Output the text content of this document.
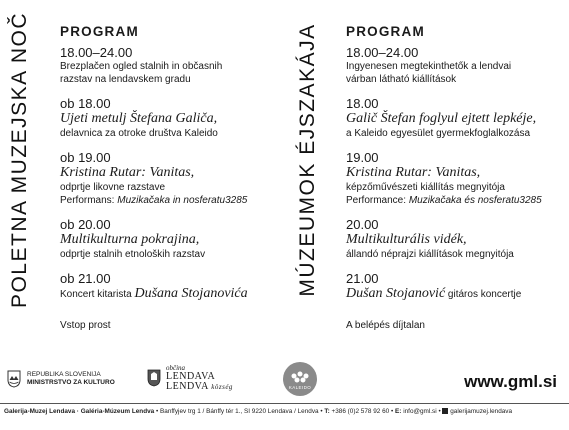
POLETNA MUZEJSKA NOČ	MÚZEUMOK ÉJSZAKÁJA

PROGRAM

18.00–24.00

Brezplačen ogled stalnih in občasnih

razstav na lendavskem gradu

ob 18.00

Ujeti metulj Štefana Galiča,

delavnica za otroke društva Kaleido

ob 19.00

Kristina Rutar: Vanitas,

odprtje likovne razstave

Performans: Muzikačaka in nosferatu3285

ob 20.00

Multikulturna pokrajina,

odprtje stalnih etnoloških razstav

ob 21.00

Koncert kitarista Dušana Stojanovića

Vstop prost

PROGRAM

18.00–24.00

Ingyenesen megtekinthetők a lendvai

várban látható kiállítások

18.00

Galič Štefan foglyul ejtett lepkéje,

a Kaleido egyesület gyermekfoglalkozása

19.00

Kristina Rutar: Vanitas,

képzőművészeti kiállítás megnyitója

Performance: Muzikačaka és nosferatu3285

20.00

Multikulturális vidék,

állandó néprajzi kiállítások megnyitója

21.00

Dušan Stojanović gitáros koncertje

A belépés díjtalan

REPUBLIKA SLOVENIJA
MINISTRSTVO ZA KULTURO
občina
LENDAVA
LENDVA község	KALEIDO	www.gml.si
Galerija-Muzej Lendava · Galéria-Múzeum Lendva • Banffyjev trg 1 / Bánffy tér 1., SI 9220 Lendava / Lendva • T: +386 (0)2 578 92 60 • E: info@gml.si •  galerijamuzej.lendava
